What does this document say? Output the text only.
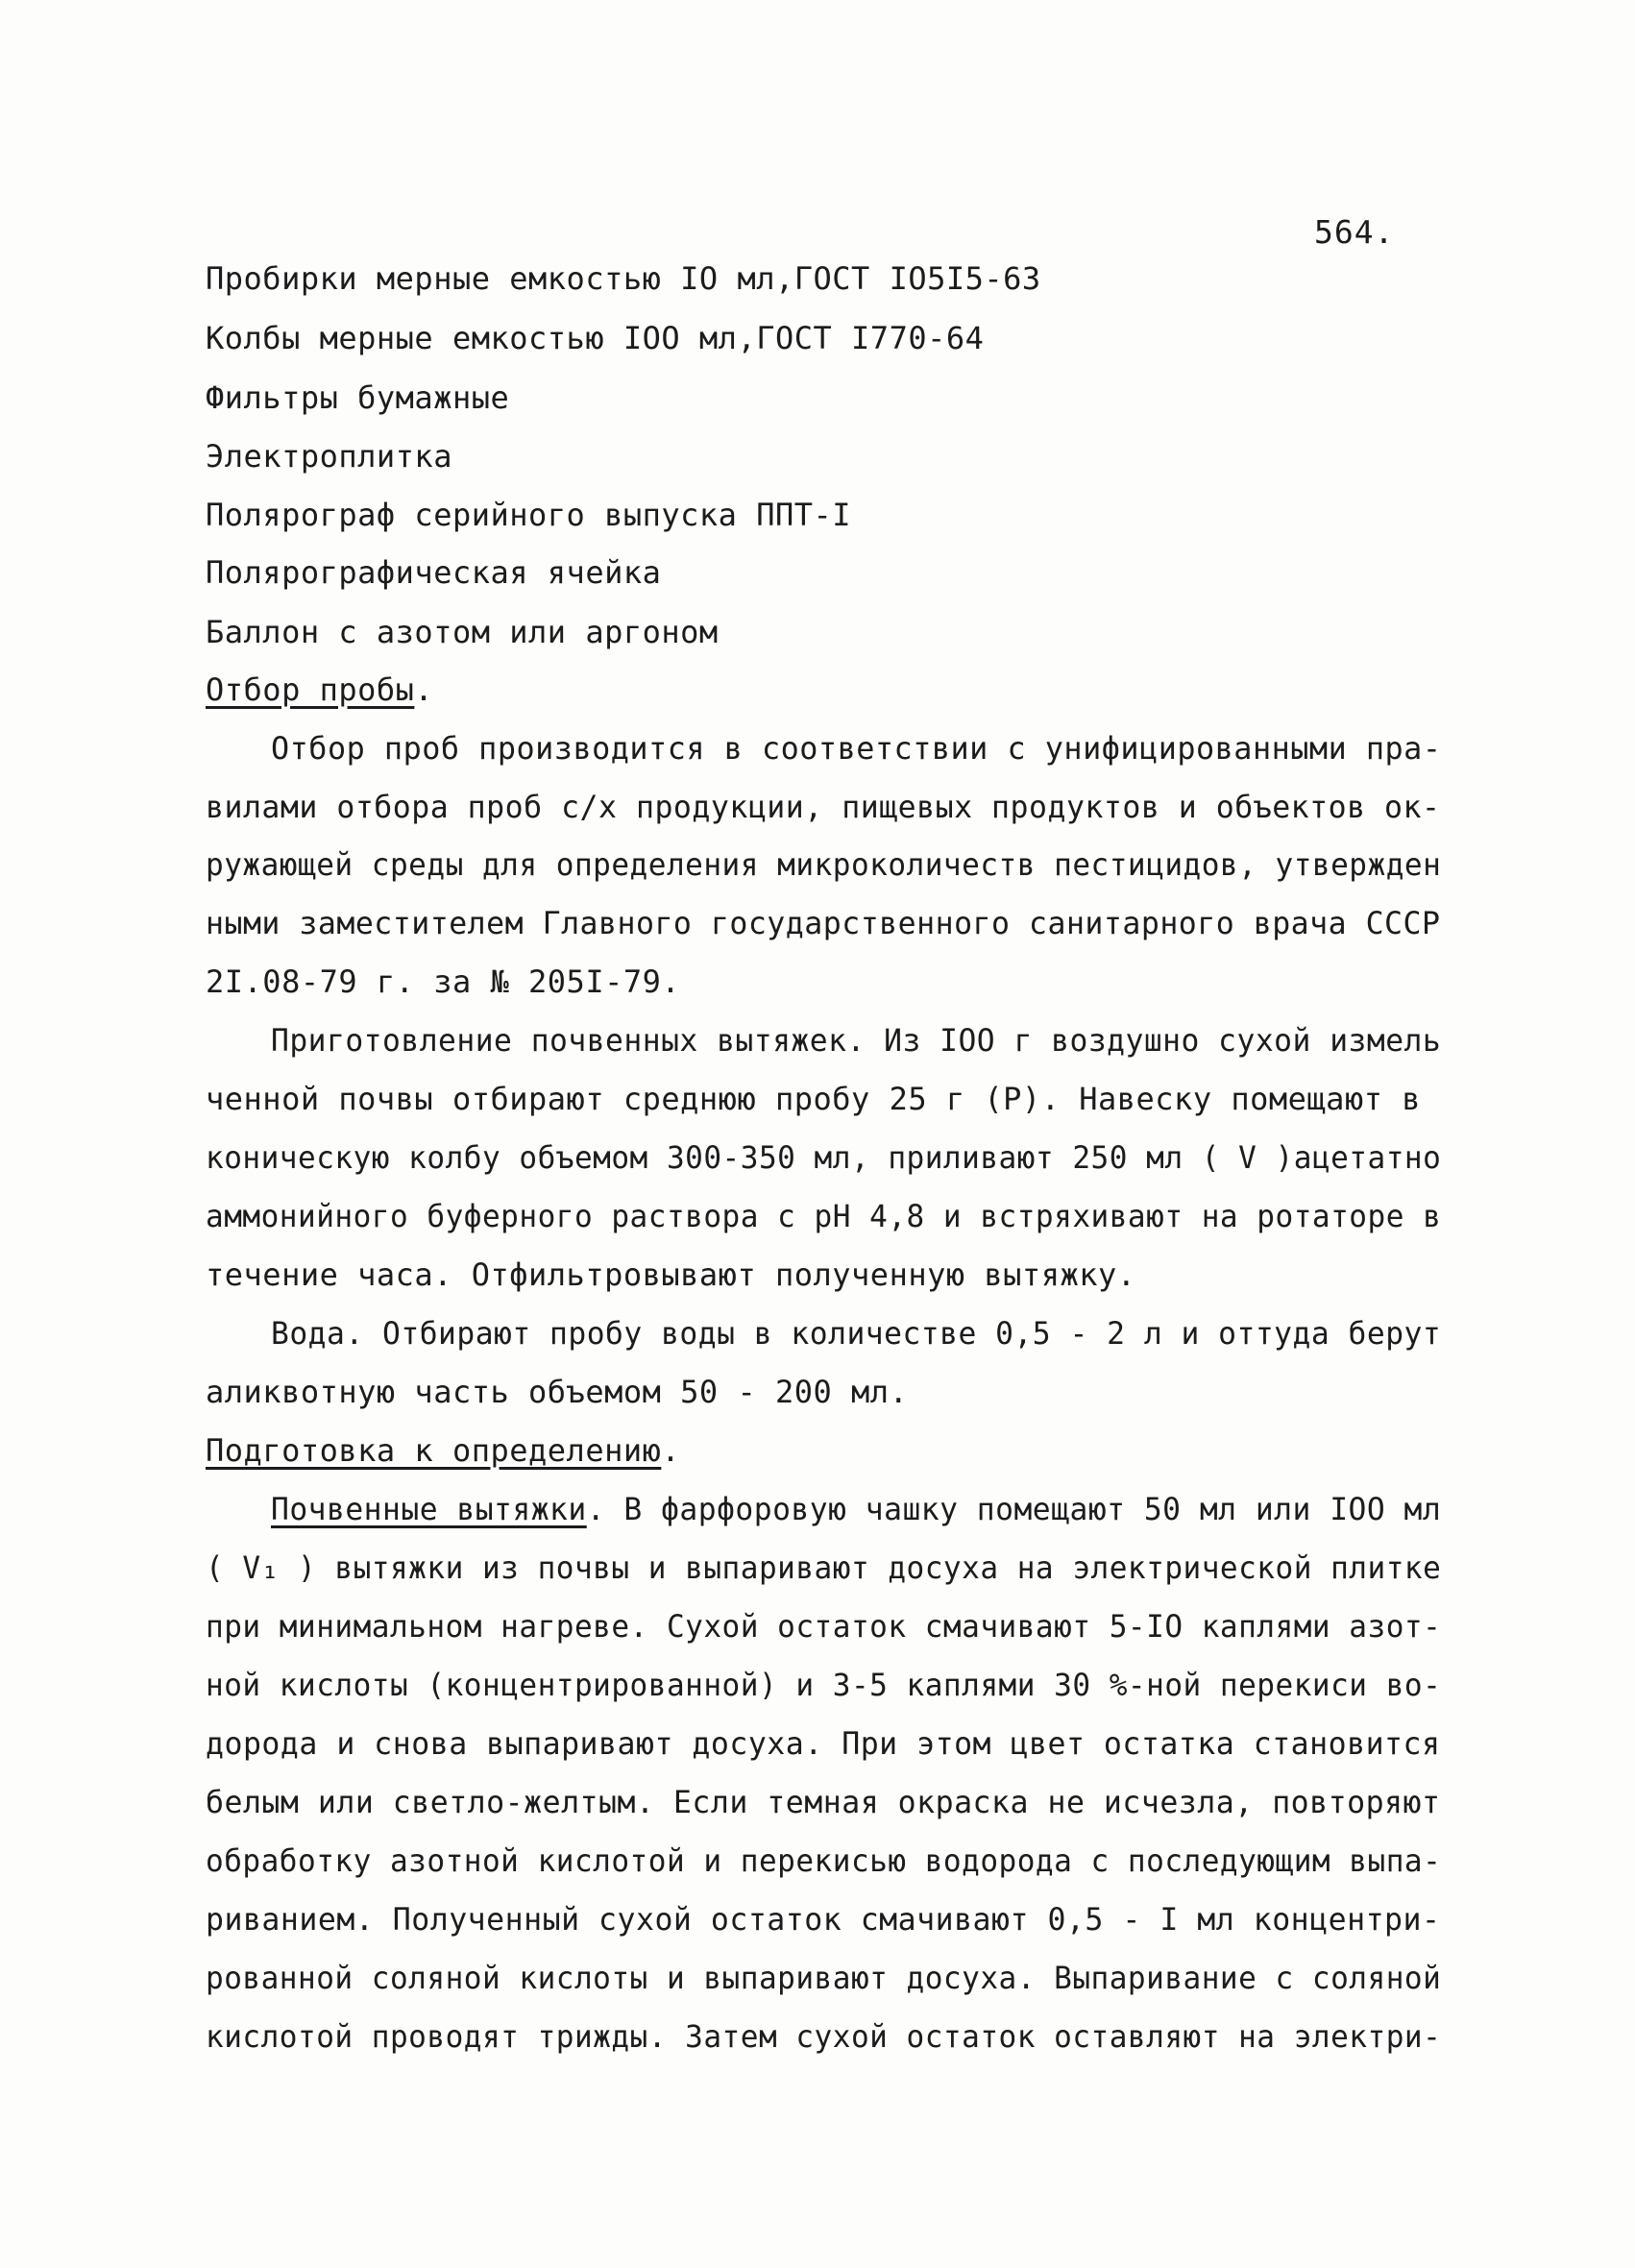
564.
Пробирки мерные емкостью IO мл,ГОСТ IO5I5-63
Колбы мерные емкостью IOO мл,ГОСТ I770-64
Фильтры бумажные
Электроплитка
Полярограф серийного выпуска ППТ-I
Полярографическая ячейка
Баллон с азотом или аргоном
Отбор пробы.
Отбор проб производится в соответствии с унифицированными пра-
вилами отбора проб с/х продукции, пищевых продуктов и объектов ок-
ружающей среды для определения микроколичеств пестицидов, утвержден
ными заместителем Главного государственного санитарного врача СССР
2I.08-79 г. за № 205I-79.
Приготовление почвенных вытяжек. Из IOO г воздушно сухой измель
ченной почвы отбирают среднюю пробу 25 г (Р). Навеску помещают в
коническую колбу объемом 300-350 мл, приливают 250 мл ( V )ацетатно
аммонийного буферного раствора с рН 4,8 и встряхивают на ротаторе в
течение часа. Отфильтровывают полученную вытяжку.
Вода. Отбирают пробу воды в количестве 0,5 - 2 л и оттуда берут
аликвотную часть объемом 50 - 200 мл.
Подготовка к определению.
Почвенные вытяжки. В фарфоровую чашку помещают 50 мл или IOO мл
( V₁ ) вытяжки из почвы и выпаривают досуха на электрической плитке
при минимальном нагреве. Сухой остаток смачивают 5-IO каплями азот-
ной кислоты (концентрированной) и 3-5 каплями 30 %-ной перекиси во-
дорода и снова выпаривают досуха. При этом цвет остатка становится
белым или светло-желтым. Если темная окраска не исчезла, повторяют
обработку азотной кислотой и перекисью водорода с последующим выпа-
риванием. Полученный сухой остаток смачивают 0,5 - I мл концентри-
рованной соляной кислоты и выпаривают досуха. Выпаривание с соляной
кислотой проводят трижды. Затем сухой остаток оставляют на электри-
